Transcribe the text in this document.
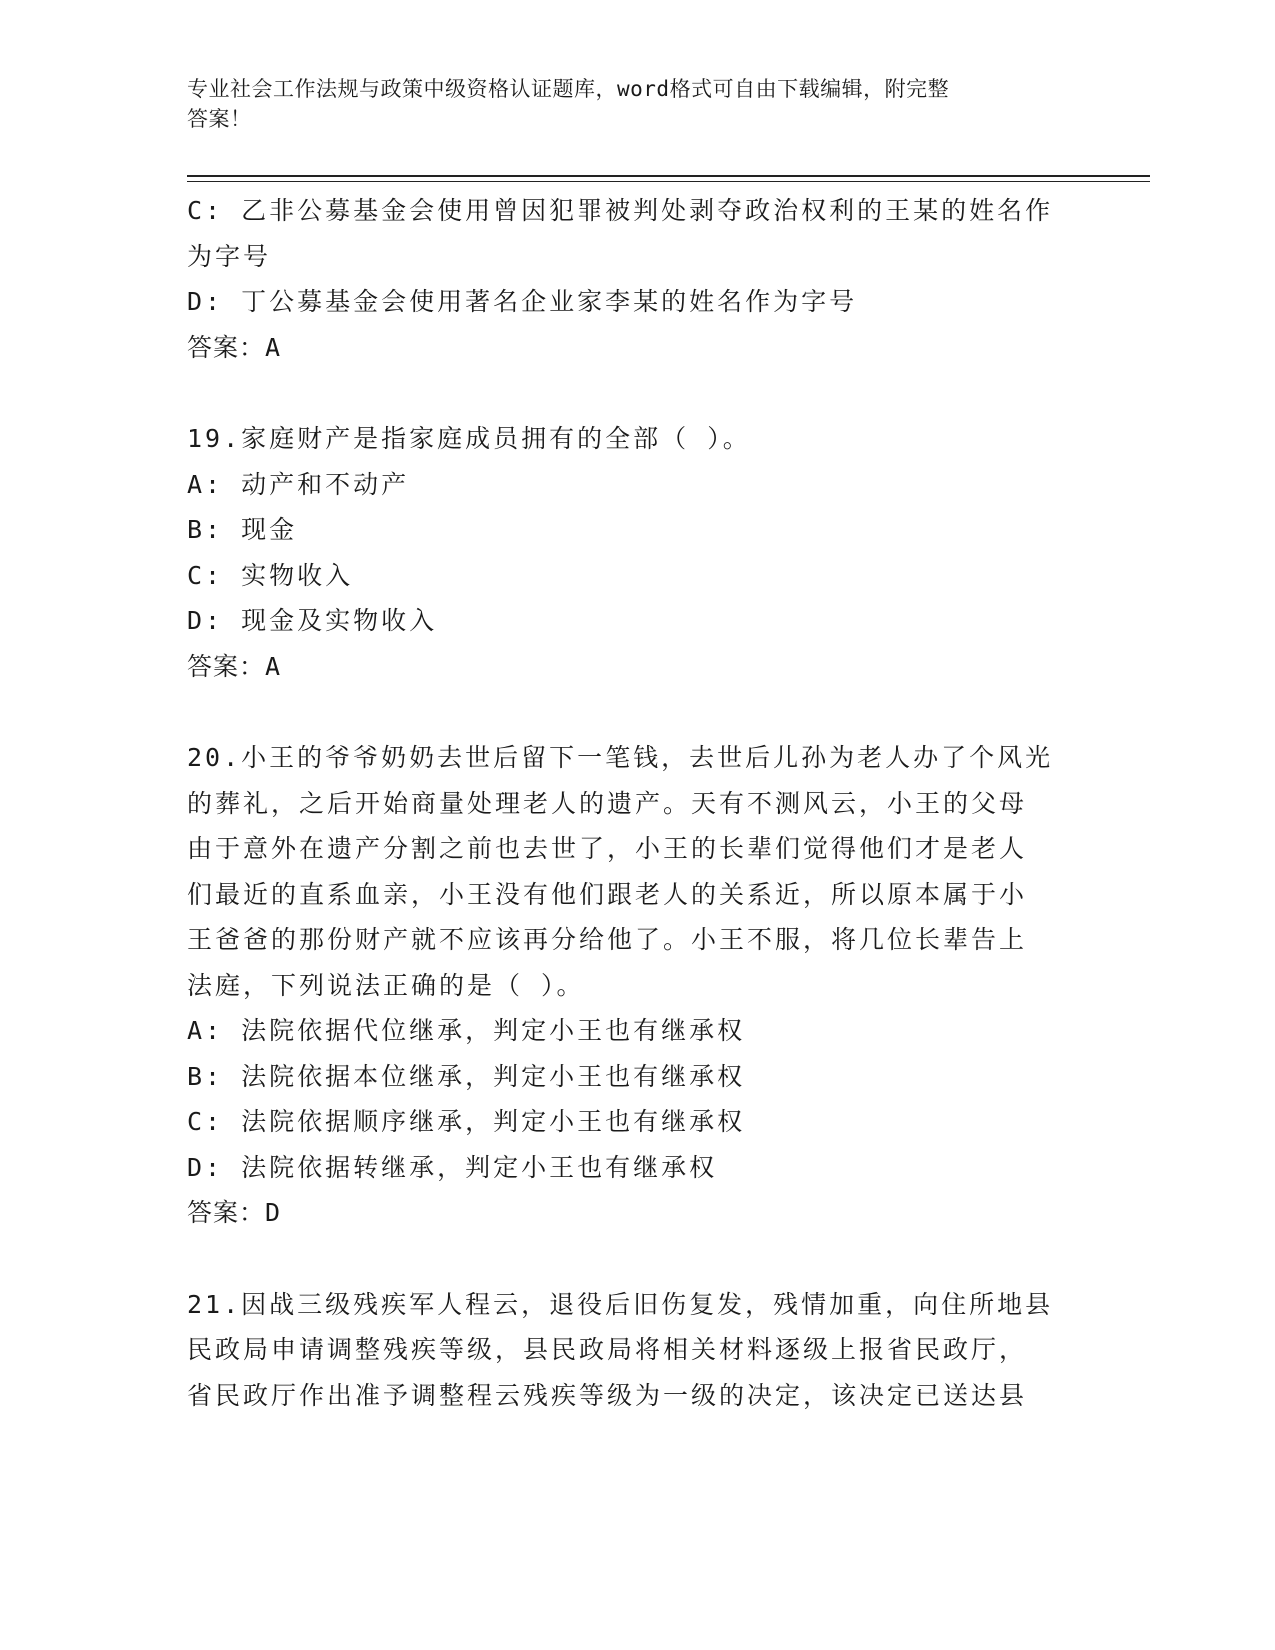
专业社会工作法规与政策中级资格认证题库，word格式可自由下载编辑，附完整
答案！
C: 乙非公募基金会使用曾因犯罪被判处剥夺政治权利的王某的姓名作
为字号
D: 丁公募基金会使用著名企业家李某的姓名作为字号
答案：A
19.家庭财产是指家庭成员拥有的全部（ ）。
A: 动产和不动产
B: 现金
C: 实物收入
D: 现金及实物收入
答案：A
20.小王的爷爷奶奶去世后留下一笔钱，去世后儿孙为老人办了个风光
的葬礼，之后开始商量处理老人的遗产。天有不测风云，小王的父母
由于意外在遗产分割之前也去世了，小王的长辈们觉得他们才是老人
们最近的直系血亲，小王没有他们跟老人的关系近，所以原本属于小
王爸爸的那份财产就不应该再分给他了。小王不服，将几位长辈告上
法庭，下列说法正确的是（ ）。
A: 法院依据代位继承，判定小王也有继承权
B: 法院依据本位继承，判定小王也有继承权
C: 法院依据顺序继承，判定小王也有继承权
D: 法院依据转继承，判定小王也有继承权
答案：D
21.因战三级残疾军人程云，退役后旧伤复发，残情加重，向住所地县
民政局申请调整残疾等级，县民政局将相关材料逐级上报省民政厅，
省民政厅作出准予调整程云残疾等级为一级的决定，该决定已送达县
